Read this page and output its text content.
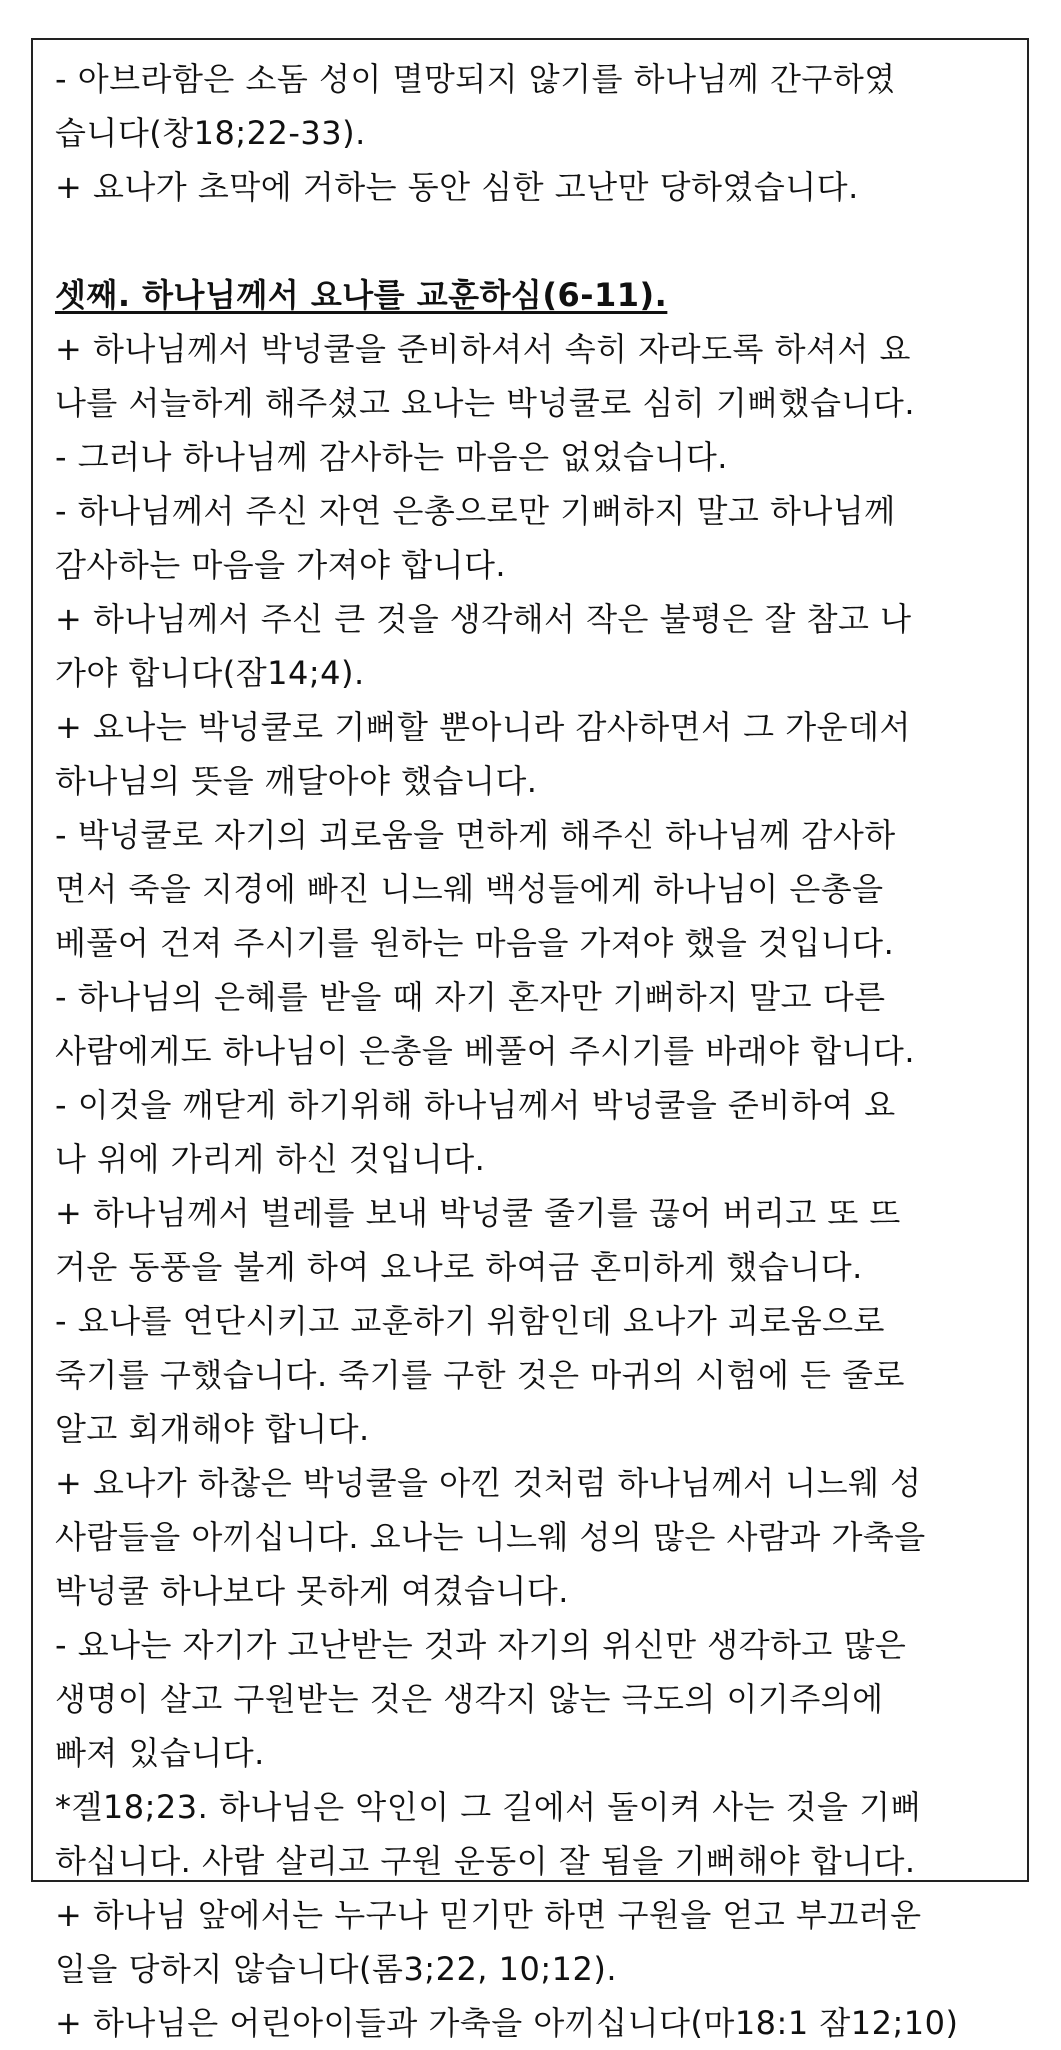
- 아브라함은 소돔 성이 멸망되지 않기를 하나님께 간구하였
습니다(창18;22-33).
+ 요나가 초막에 거하는 동안 심한 고난만 당하였습니다.
셋째. 하나님께서 요나를 교훈하심(6-11).
+ 하나님께서 박넝쿨을 준비하셔서 속히 자라도록 하셔서 요
나를 서늘하게 해주셨고 요나는 박넝쿨로 심히 기뻐했습니다.
- 그러나 하나님께 감사하는 마음은 없었습니다.
- 하나님께서 주신 자연 은총으로만 기뻐하지 말고 하나님께
감사하는 마음을 가져야 합니다.
+ 하나님께서 주신 큰 것을 생각해서 작은 불평은 잘 참고 나
가야 합니다(잠14;4).
+ 요나는 박넝쿨로 기뻐할 뿐아니라 감사하면서 그 가운데서
하나님의 뜻을 깨달아야 했습니다.
- 박넝쿨로 자기의 괴로움을 면하게 해주신 하나님께 감사하
면서 죽을 지경에 빠진 니느웨 백성들에게 하나님이 은총을
베풀어 건져 주시기를 원하는 마음을 가져야 했을 것입니다.
- 하나님의 은혜를 받을 때 자기 혼자만 기뻐하지 말고 다른
사람에게도 하나님이 은총을 베풀어 주시기를 바래야 합니다.
- 이것을 깨닫게 하기위해 하나님께서 박넝쿨을 준비하여 요
나 위에 가리게 하신 것입니다.
+ 하나님께서 벌레를 보내 박넝쿨 줄기를 끊어 버리고 또 뜨
거운 동풍을 불게 하여 요나로 하여금 혼미하게 했습니다.
- 요나를 연단시키고 교훈하기 위함인데 요나가 괴로움으로
죽기를 구했습니다. 죽기를 구한 것은 마귀의 시험에 든 줄로
알고 회개해야 합니다.
+ 요나가 하찮은 박넝쿨을 아낀 것처럼 하나님께서 니느웨 성
사람들을 아끼십니다. 요나는 니느웨 성의 많은 사람과 가축을
박넝쿨 하나보다 못하게 여겼습니다.
- 요나는 자기가 고난받는 것과 자기의 위신만 생각하고 많은
생명이 살고 구원받는 것은 생각지 않는 극도의 이기주의에
빠져 있습니다.
*겔18;23. 하나님은 악인이 그 길에서 돌이켜 사는 것을 기뻐
하십니다. 사람 살리고 구원 운동이 잘 됨을 기뻐해야 합니다.
+ 하나님 앞에서는 누구나 믿기만 하면 구원을 얻고 부끄러운
일을 당하지 않습니다(롬3;22, 10;12).
+ 하나님은 어린아이들과 가축을 아끼십니다(마18:1 잠12;10)
